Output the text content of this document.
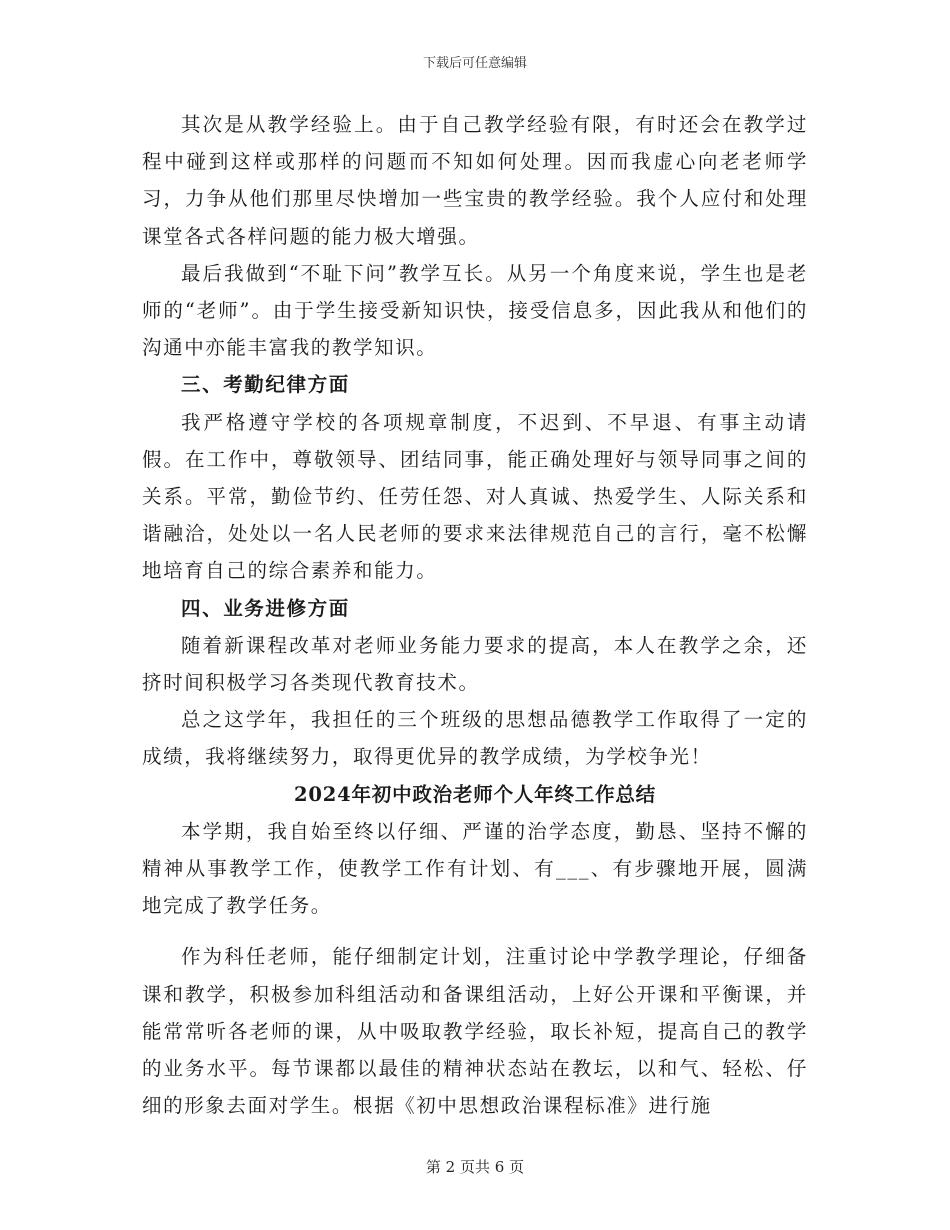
下载后可任意编辑

其次是从教学经验上。由于自己教学经验有限，有时还会在教学过程中碰到这样或那样的问题而不知如何处理。因而我虚心向老老师学习，力争从他们那里尽快增加一些宝贵的教学经验。我个人应付和处理课堂各式各样问题的能力极大增强。

最后我做到“不耻下问”教学互长。从另一个角度来说，学生也是老师的“老师”。由于学生接受新知识快，接受信息多，因此我从和他们的沟通中亦能丰富我的教学知识。

三、考勤纪律方面

我严格遵守学校的各项规章制度，不迟到、不早退、有事主动请假。在工作中，尊敬领导、团结同事，能正确处理好与领导同事之间的关系。平常，勤俭节约、任劳任怨、对人真诚、热爱学生、人际关系和谐融洽，处处以一名人民老师的要求来法律规范自己的言行，毫不松懈地培育自己的综合素养和能力。

四、业务进修方面

随着新课程改革对老师业务能力要求的提高，本人在教学之余，还挤时间积极学习各类现代教育技术。

总之这学年，我担任的三个班级的思想品德教学工作取得了一定的成绩，我将继续努力，取得更优异的教学成绩，为学校争光！

2024年初中政治老师个人年终工作总结

本学期，我自始至终以仔细、严谨的治学态度，勤恳、坚持不懈的精神从事教学工作，使教学工作有计划、有___、有步骤地开展，圆满地完成了教学任务。

作为科任老师，能仔细制定计划，注重讨论中学教学理论，仔细备课和教学，积极参加科组活动和备课组活动，上好公开课和平衡课，并能常常听各老师的课，从中吸取教学经验，取长补短，提高自己的教学的业务水平。每节课都以最佳的精神状态站在教坛，以和气、轻松、仔细的形象去面对学生。根据《初中思想政治课程标准》进行施

第 2 页共 6 页
